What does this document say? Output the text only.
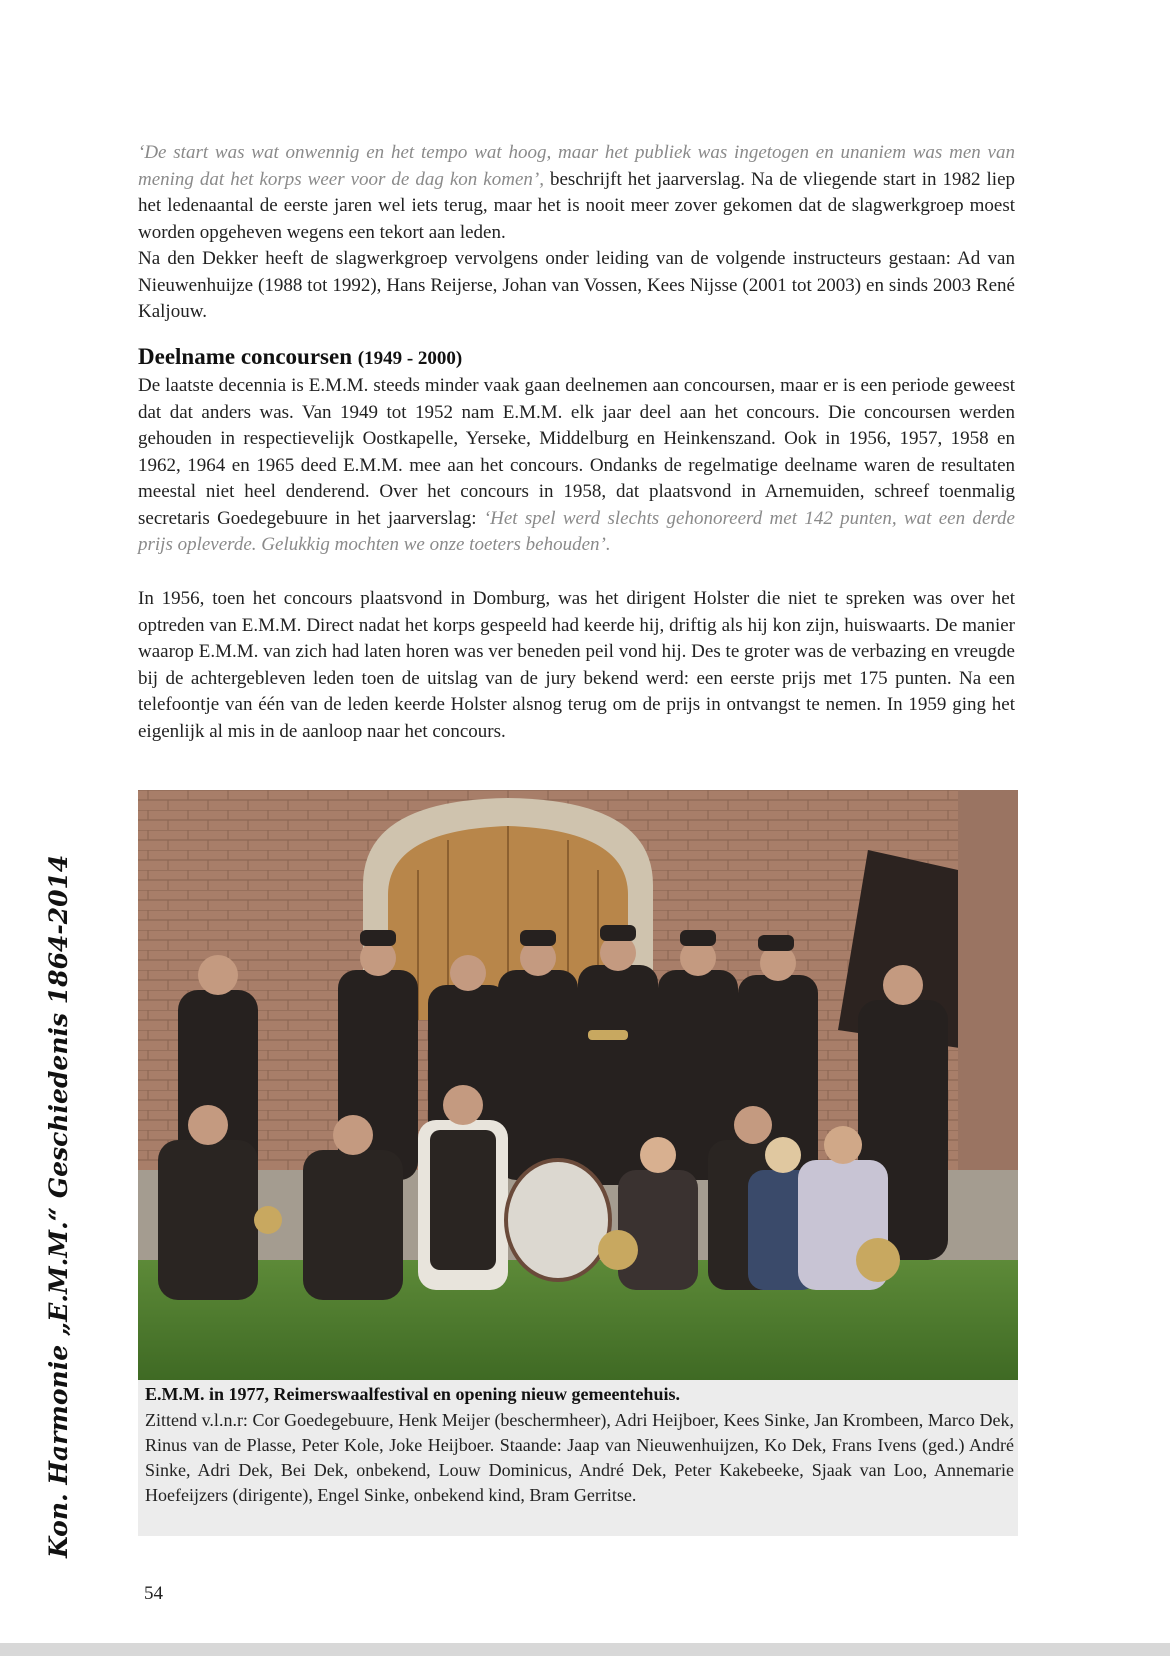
Kon. Harmonie „E.M.M.“ Geschiedenis 1864-2014

‘De start was wat onwennig en het tempo wat hoog, maar het publiek was ingetogen en unaniem was men van mening dat het korps weer voor de dag kon komen’, beschrijft het jaarverslag. Na de vliegende start in 1982 liep het ledenaantal de eerste jaren wel iets terug, maar het is nooit meer zover gekomen dat de slagwerkgroep moest worden opgeheven wegens een tekort aan leden.

Na den Dekker heeft de slagwerkgroep vervolgens onder leiding van de volgende instructeurs gestaan: Ad van Nieuwenhuijze (1988 tot 1992), Hans Reijerse, Johan van Vossen, Kees Nijsse (2001 tot 2003) en sinds 2003 René Kaljouw.

Deelname concoursen (1949 - 2000)

De laatste decennia is E.M.M. steeds minder vaak gaan deelnemen aan concoursen, maar er is een periode geweest dat dat anders was. Van 1949 tot 1952 nam E.M.M. elk jaar deel aan het concours. Die concoursen werden gehouden in respectievelijk Oostkapelle, Yerseke, Middelburg en Heinkenszand. Ook in 1956, 1957, 1958 en 1962, 1964 en 1965 deed E.M.M. mee aan het concours. Ondanks de regelmatige deelname waren de resultaten meestal niet heel denderend. Over het concours in 1958, dat plaatsvond in Arnemuiden, schreef toenmalig secretaris Goedegebuure in het jaarverslag: ‘Het spel werd slechts gehonoreerd met 142 punten, wat een derde prijs opleverde. Gelukkig mochten we onze toeters behouden’.

In 1956, toen het concours plaatsvond in Domburg, was het dirigent Holster die niet te spreken was over het optreden van E.M.M. Direct nadat het korps gespeeld had keerde hij, driftig als hij kon zijn, huiswaarts. De manier waarop E.M.M. van zich had laten horen was ver beneden peil vond hij. Des te groter was de verbazing en vreugde bij de achtergebleven leden toen de uitslag van de jury bekend werd: een eerste prijs met 175 punten. Na een telefoontje van één van de leden keerde Holster alsnog terug om de prijs in ontvangst te nemen. In 1959 ging het eigenlijk al mis in de aanloop naar het concours.

E.M.M. in 1977, Reimerswaalfestival en opening nieuw gemeentehuis.

Zittend v.l.n.r: Cor Goedegebuure, Henk Meijer (beschermheer), Adri Heijboer, Kees Sinke, Jan Krombeen, Marco Dek, Rinus van de Plasse, Peter Kole, Joke Heijboer. Staande: Jaap van Nieuwenhuijzen, Ko Dek, Frans Ivens (ged.) André Sinke, Adri Dek, Bei Dek, onbekend, Louw Dominicus, André Dek, Peter Kakebeeke, Sjaak van Loo, Annemarie Hoefeijzers (dirigente), Engel Sinke, onbekend kind, Bram Gerritse.

54
